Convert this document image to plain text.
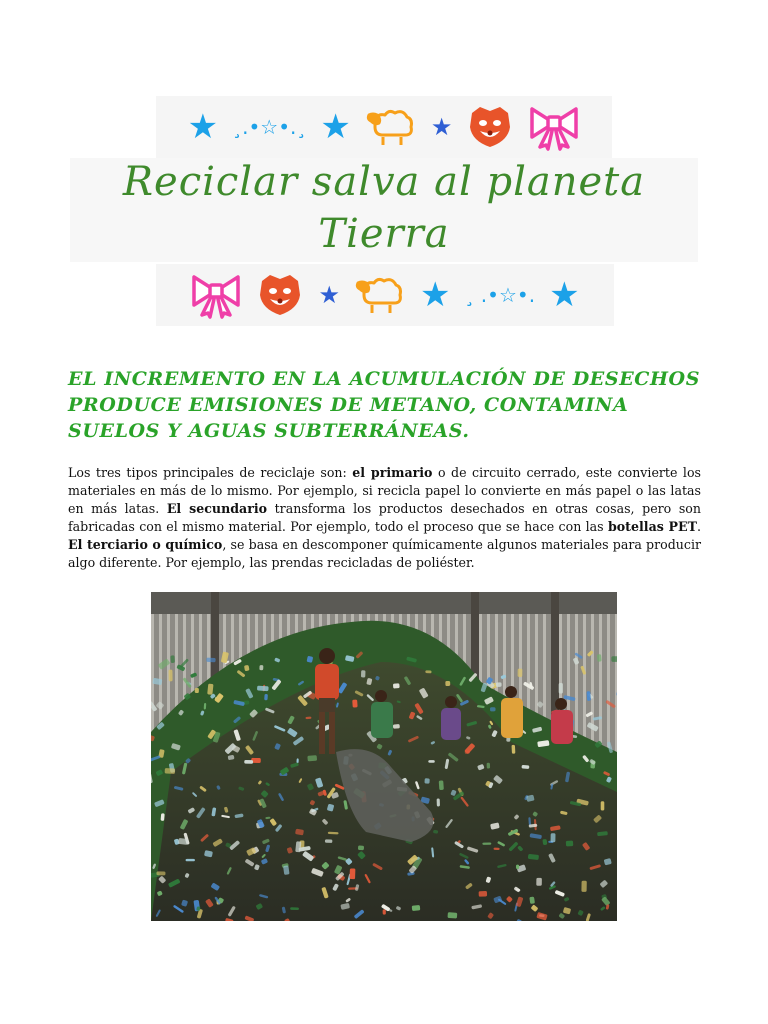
★ ¸.•☆•.¸ ★	★
Reciclar salva al planeta Tierra
★ ★ ¸ .•☆•. ★
EL INCREMENTO EN LA ACUMULACIÓN DE DESECHOS PRODUCE EMISIONES DE METANO, CONTAMINA SUELOS Y AGUAS SUBTERRÁNEAS.

Los tres tipos principales de reciclaje son: el primario o de circuito cerrado, este convierte los materiales en más de lo mismo. Por ejemplo, si recicla papel lo convierte en más papel o las latas en más latas. El secundario transforma los productos desechados en otras cosas, pero son fabricadas con el mismo material. Por ejemplo, todo el proceso que se hace con las botellas PET. El terciario o químico, se basa en descomponer químicamente algunos materiales para producir algo diferente. Por ejemplo, las prendas recicladas de poliéster.
